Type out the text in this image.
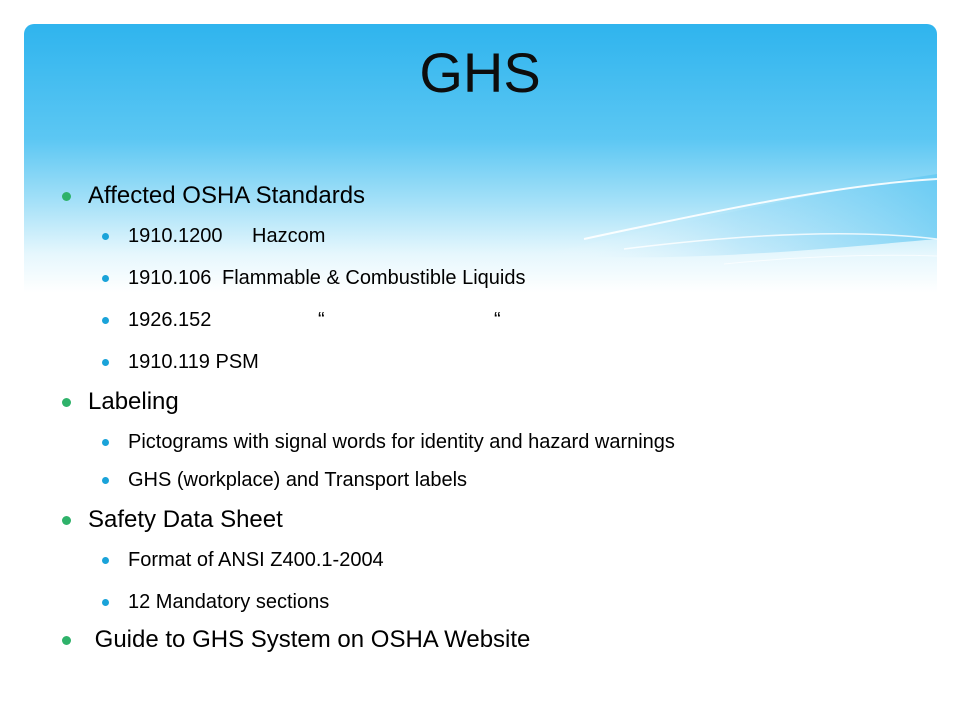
GHS
Affected OSHA Standards
1910.1200 Hazcom
1910.106 Flammable & Combustible Liquids
1926.152	“	“
1910.119 PSM
Labeling
Pictograms with signal words for identity and hazard warnings
GHS (workplace) and Transport labels
Safety Data Sheet
Format of ANSI Z400.1-2004
12 Mandatory sections
Guide to GHS System on OSHA Website
